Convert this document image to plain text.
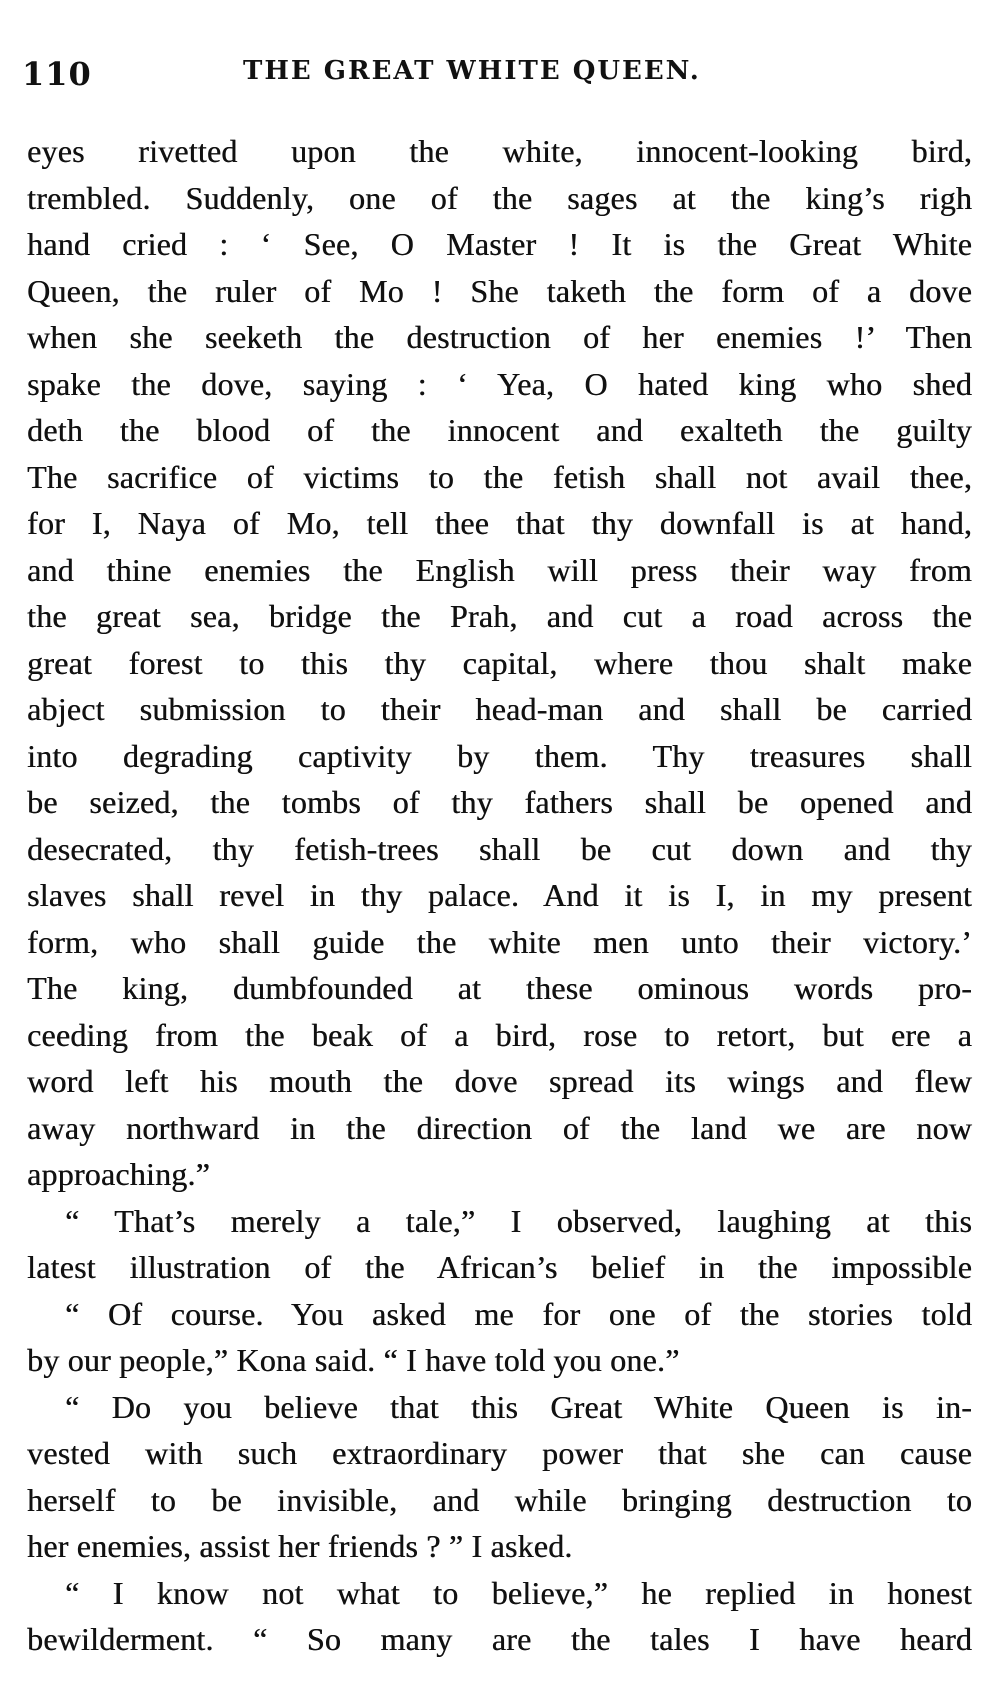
110	THE GREAT WHITE QUEEN.
eyes rivetted upon the white, innocent-looking bird,
trembled. Suddenly, one of the sages at the king’s righ
hand cried : ‘ See, O Master ! It is the Great White
Queen, the ruler of Mo ! She taketh the form of a dove
when she seeketh the destruction of her enemies !’ Then
spake the dove, saying : ‘ Yea, O hated king who shed
deth the blood of the innocent and exalteth the guilty
The sacrifice of victims to the fetish shall not avail thee,
for I, Naya of Mo, tell thee that thy downfall is at hand,
and thine enemies the English will press their way from
the great sea, bridge the Prah, and cut a road across the
great forest to this thy capital, where thou shalt make
abject submission to their head-man and shall be carried
into degrading captivity by them. Thy treasures shall
be seized, the tombs of thy fathers shall be opened and
desecrated, thy fetish-trees shall be cut down and thy
slaves shall revel in thy palace. And it is I, in my present
form, who shall guide the white men unto their victory.’
The king, dumbfounded at these ominous words pro-
ceeding from the beak of a bird, rose to retort, but ere a
word left his mouth the dove spread its wings and flew
away northward in the direction of the land we are now
approaching.”
“ That’s merely a tale,” I observed, laughing at this
latest illustration of the African’s belief in the impossible
“ Of course. You asked me for one of the stories told
by our people,” Kona said. “ I have told you one.”
“ Do you believe that this Great White Queen is in-
vested with such extraordinary power that she can cause
herself to be invisible, and while bringing destruction to
her enemies, assist her friends ? ” I asked.
“ I know not what to believe,” he replied in honest
bewilderment. “ So many are the tales I have heard
